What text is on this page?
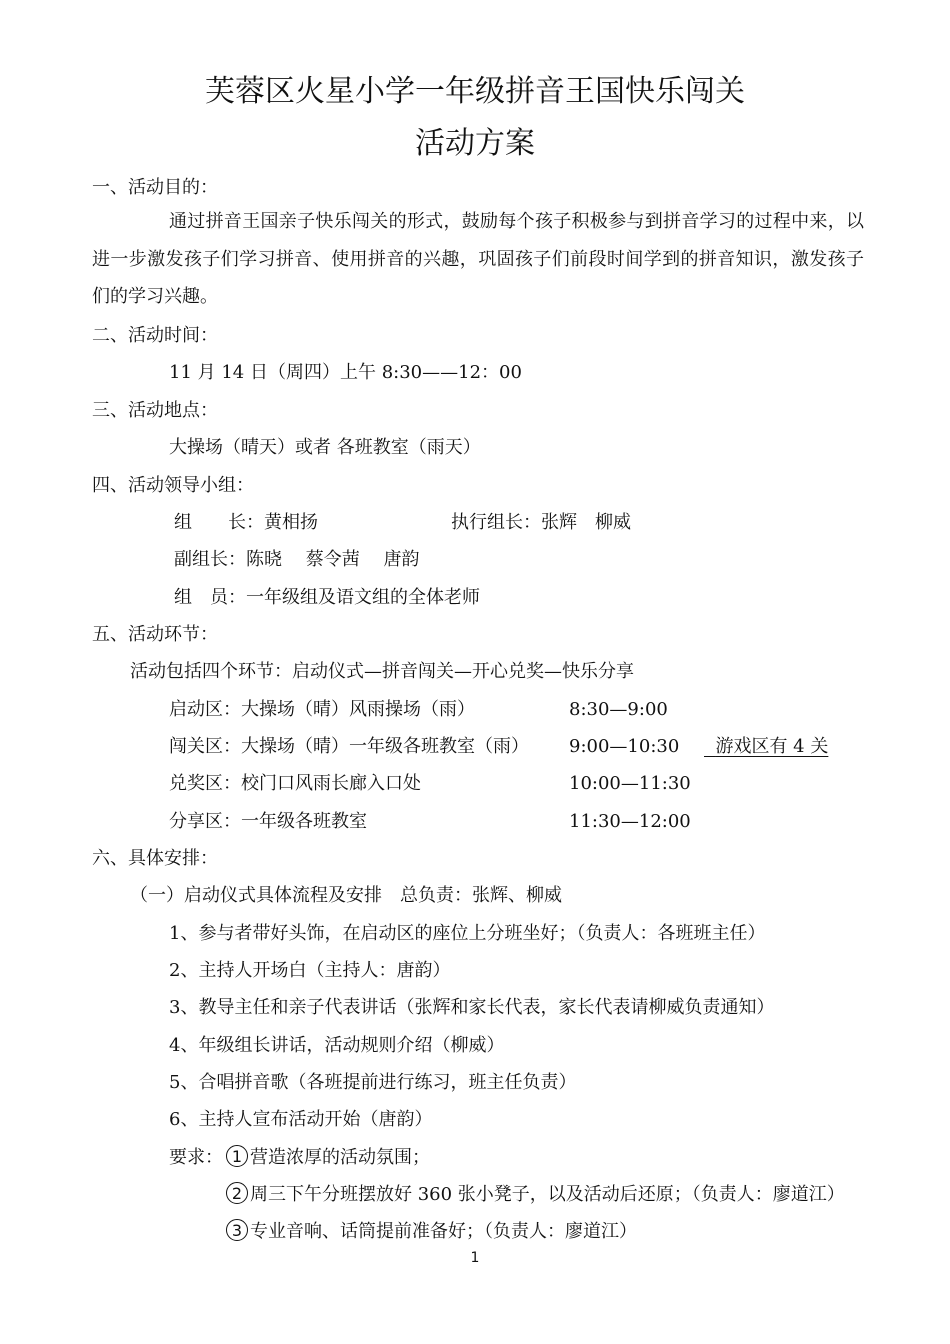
芙蓉区火星小学一年级拼音王国快乐闯关
活动方案
一、活动目的：
通过拼音王国亲子快乐闯关的形式，鼓励每个孩子积极参与到拼音学习的过程中来，以进一步激发孩子们学习拼音、使用拼音的兴趣，巩固孩子们前段时间学到的拼音知识，激发孩子们的学习兴趣。
二、活动时间：
11 月 14 日（周四）上午 8:30——12：00
三、活动地点：
大操场（晴天）或者 各班教室（雨天）
四、活动领导小组：
组　　长：黄相扬	执行组长：张辉　柳威
副组长：陈晓　 蔡令茜　 唐韵
组　员：一年级组及语文组的全体老师
五、活动环节：
活动包括四个环节：启动仪式—拼音闯关—开心兑奖—快乐分享
启动区：大操场（晴）风雨操场（雨）	8:30—9:00
闯关区：大操场（晴）一年级各班教室（雨） 9:00—10:30	游戏区有 4 关
兑奖区：校门口风雨长廊入口处	10:00—11:30
分享区：一年级各班教室	11:30—12:00
六、具体安排：
（一）启动仪式具体流程及安排　总负责：张辉、柳威
1、参与者带好头饰，在启动区的座位上分班坐好；（负责人：各班班主任）
2、主持人开场白（主持人：唐韵）
3、教导主任和亲子代表讲话（张辉和家长代表，家长代表请柳威负责通知）
4、年级组长讲话，活动规则介绍（柳威）
5、合唱拼音歌（各班提前进行练习，班主任负责）
6、主持人宣布活动开始（唐韵）
要求： 1 营造浓厚的活动氛围；
2 周三下午分班摆放好 360 张小凳子，以及活动后还原；（负责人：廖道江）
3 专业音响、话筒提前准备好；（负责人：廖道江）
1
